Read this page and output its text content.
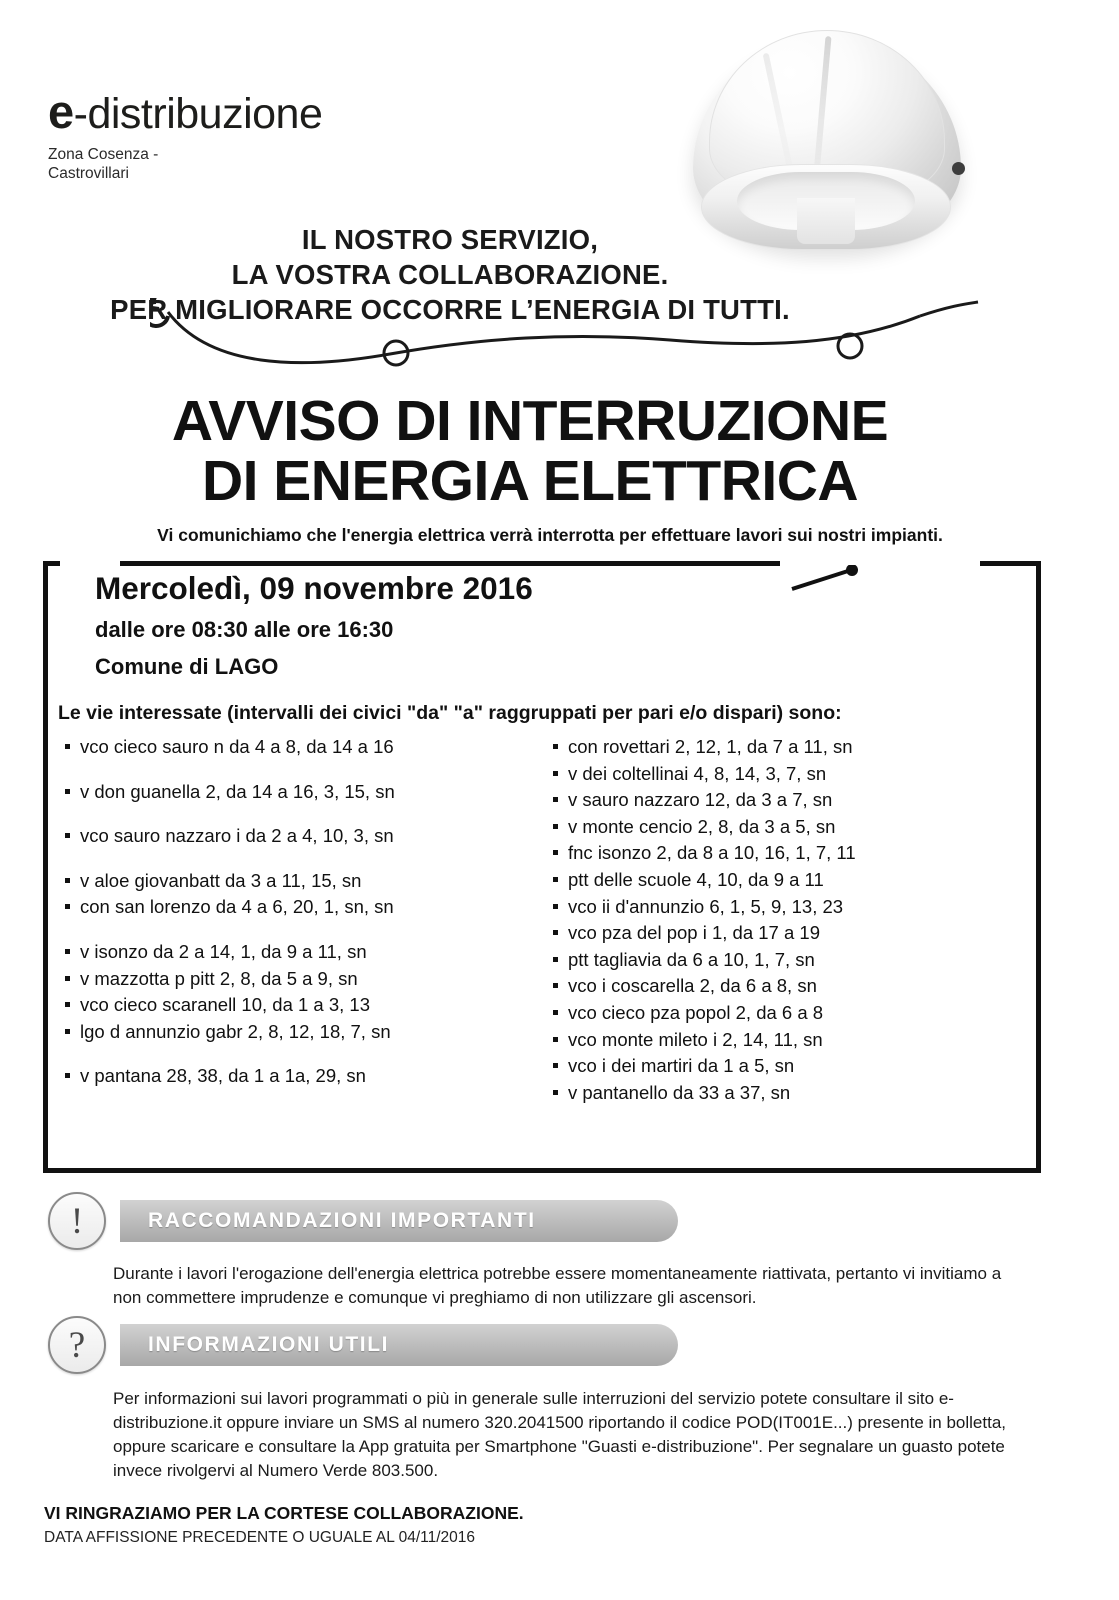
e-distribuzione
Zona Cosenza -
Castrovillari
IL NOSTRO SERVIZIO,
LA VOSTRA COLLABORAZIONE.
PER MIGLIORARE OCCORRE L’ENERGIA DI TUTTI.
AVVISO DI INTERRUZIONE
DI ENERGIA ELETTRICA
Vi comunichiamo che l'energia elettrica verrà interrotta per effettuare lavori sui nostri impianti.
Mercoledì, 09 novembre 2016
dalle ore 08:30 alle ore 16:30
Comune di LAGO
Le vie interessate (intervalli dei civici "da" "a" raggruppati per pari e/o dispari) sono:
vco cieco sauro n da 4 a 8, da 14 a 16
v don guanella 2, da 14 a 16, 3, 15, sn
vco sauro nazzaro i da 2 a 4, 10, 3, sn
v aloe giovanbatt da 3 a 11, 15, sn
con san lorenzo da 4 a 6, 20, 1, sn, sn
v isonzo da 2 a 14, 1, da 9 a 11, sn
v mazzotta p pitt 2, 8, da 5 a 9, sn
vco cieco scaranell 10, da 1 a 3, 13
lgo d annunzio gabr 2, 8, 12, 18, 7, sn
v pantana 28, 38, da 1 a 1a, 29, sn
con rovettari 2, 12, 1, da 7 a 11, sn
v dei coltellinai 4, 8, 14, 3, 7, sn
v sauro nazzaro 12, da 3 a 7, sn
v monte cencio 2, 8, da 3 a 5, sn
fnc isonzo 2, da 8 a 10, 16, 1, 7, 11
ptt delle scuole 4, 10, da 9 a 11
vco ii d'annunzio 6, 1, 5, 9, 13, 23
vco pza del pop i 1, da 17 a 19
ptt tagliavia da 6 a 10, 1, 7, sn
vco i coscarella 2, da 6 a 8, sn
vco cieco pza popol 2, da 6 a 8
vco monte mileto i 2, 14, 11, sn
vco i dei martiri da 1 a 5, sn
v pantanello da 33 a 37, sn
!	RACCOMANDAZIONI IMPORTANTI
Durante i lavori l'erogazione dell'energia elettrica potrebbe essere momentaneamente riattivata, pertanto vi invitiamo a non commettere imprudenze e comunque vi preghiamo di non utilizzare gli ascensori.
?	INFORMAZIONI UTILI
Per informazioni sui lavori programmati o più in generale sulle interruzioni del servizio potete consultare il sito e-distribuzione.it oppure inviare un SMS al numero 320.2041500 riportando il codice POD(IT001E...) presente in bolletta, oppure scaricare e consultare la App gratuita per Smartphone "Guasti e-distribuzione". Per segnalare un guasto potete invece rivolgervi al Numero Verde 803.500.
VI RINGRAZIAMO PER LA CORTESE COLLABORAZIONE.
DATA AFFISSIONE PRECEDENTE O UGUALE AL 04/11/2016
